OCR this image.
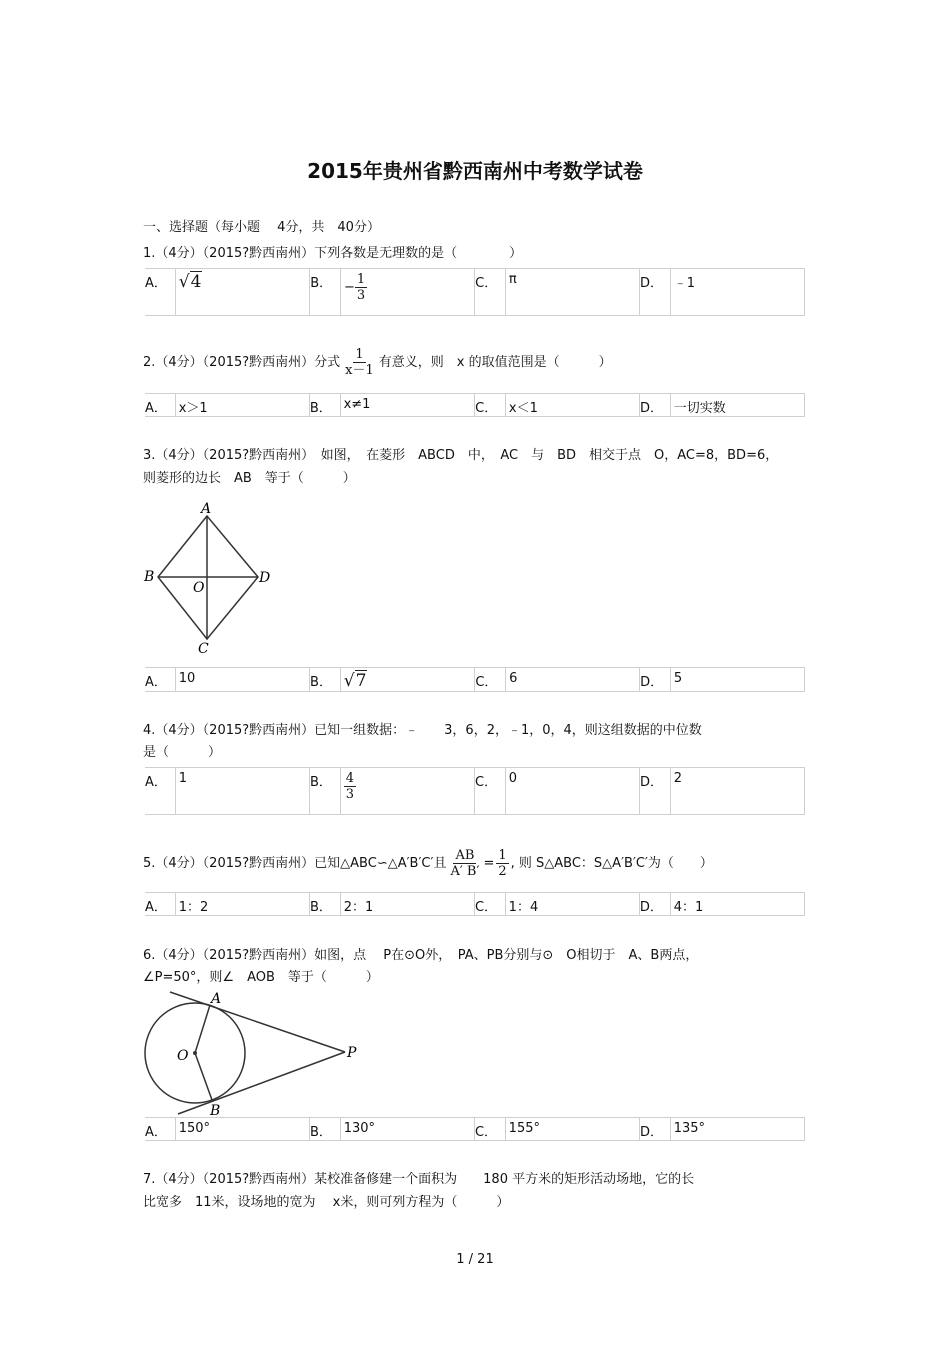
2015年贵州省黔西南州中考数学试卷
一、选择题（每小题　 4分，共　40分）
1.（4分）（2015?黔西南州）下列各数是无理数的是（　　　　）
A．	√4	B．	− $\frac{1}{3}$	C．	π	D．	﹣1
2.（4分）（2015?黔西南州）分式 $\frac{1}{x-1}$ 有意义，则　x 的取值范围是（　　　）
A．	x＞1	B．	x≠1	C．	x＜1	D．	一切实数
3.（4分）（2015?黔西南州）　如图，　在菱形　ABCD　中，　AC　与　BD　相交于点　O，AC=8，BD=6，
则菱形的边长　AB　等于（　　　）
A
B	D
O
C
A．	10	B．	√7	C．	6	D．	5
4.（4分）（2015?黔西南州）已知一组数据：﹣　　3，6，2，﹣1，0，4，则这组数据的中位数
是（　　　）
A．	1	B．	$\frac{4}{3}$	C．	0	D．	2
5.（4分）（2015?黔西南州）已知△ABC∽△A′B′C′且 $\frac{AB}{A' B'} = \frac{1}{2}$ , 则 S△ABC：S△A′B′C′为（　　）
A．	1：2	B．	2：1	C．	1：4	D．	4：1
6.（4分）（2015?黔西南州）如图，点　 P在⊙O外，　PA、PB分别与⊙　O相切于　A、B两点，
∠P=50°，则∠　AOB　等于（　　　）
A
O	P
B
A．	150°	B．	130°	C．	155°	D．	135°
7.（4分）（2015?黔西南州）某校准备修建一个面积为　　180 平方米的矩形活动场地，它的长
比宽多　11米，设场地的宽为　 x米，则可列方程为（　　　）
1 / 21
